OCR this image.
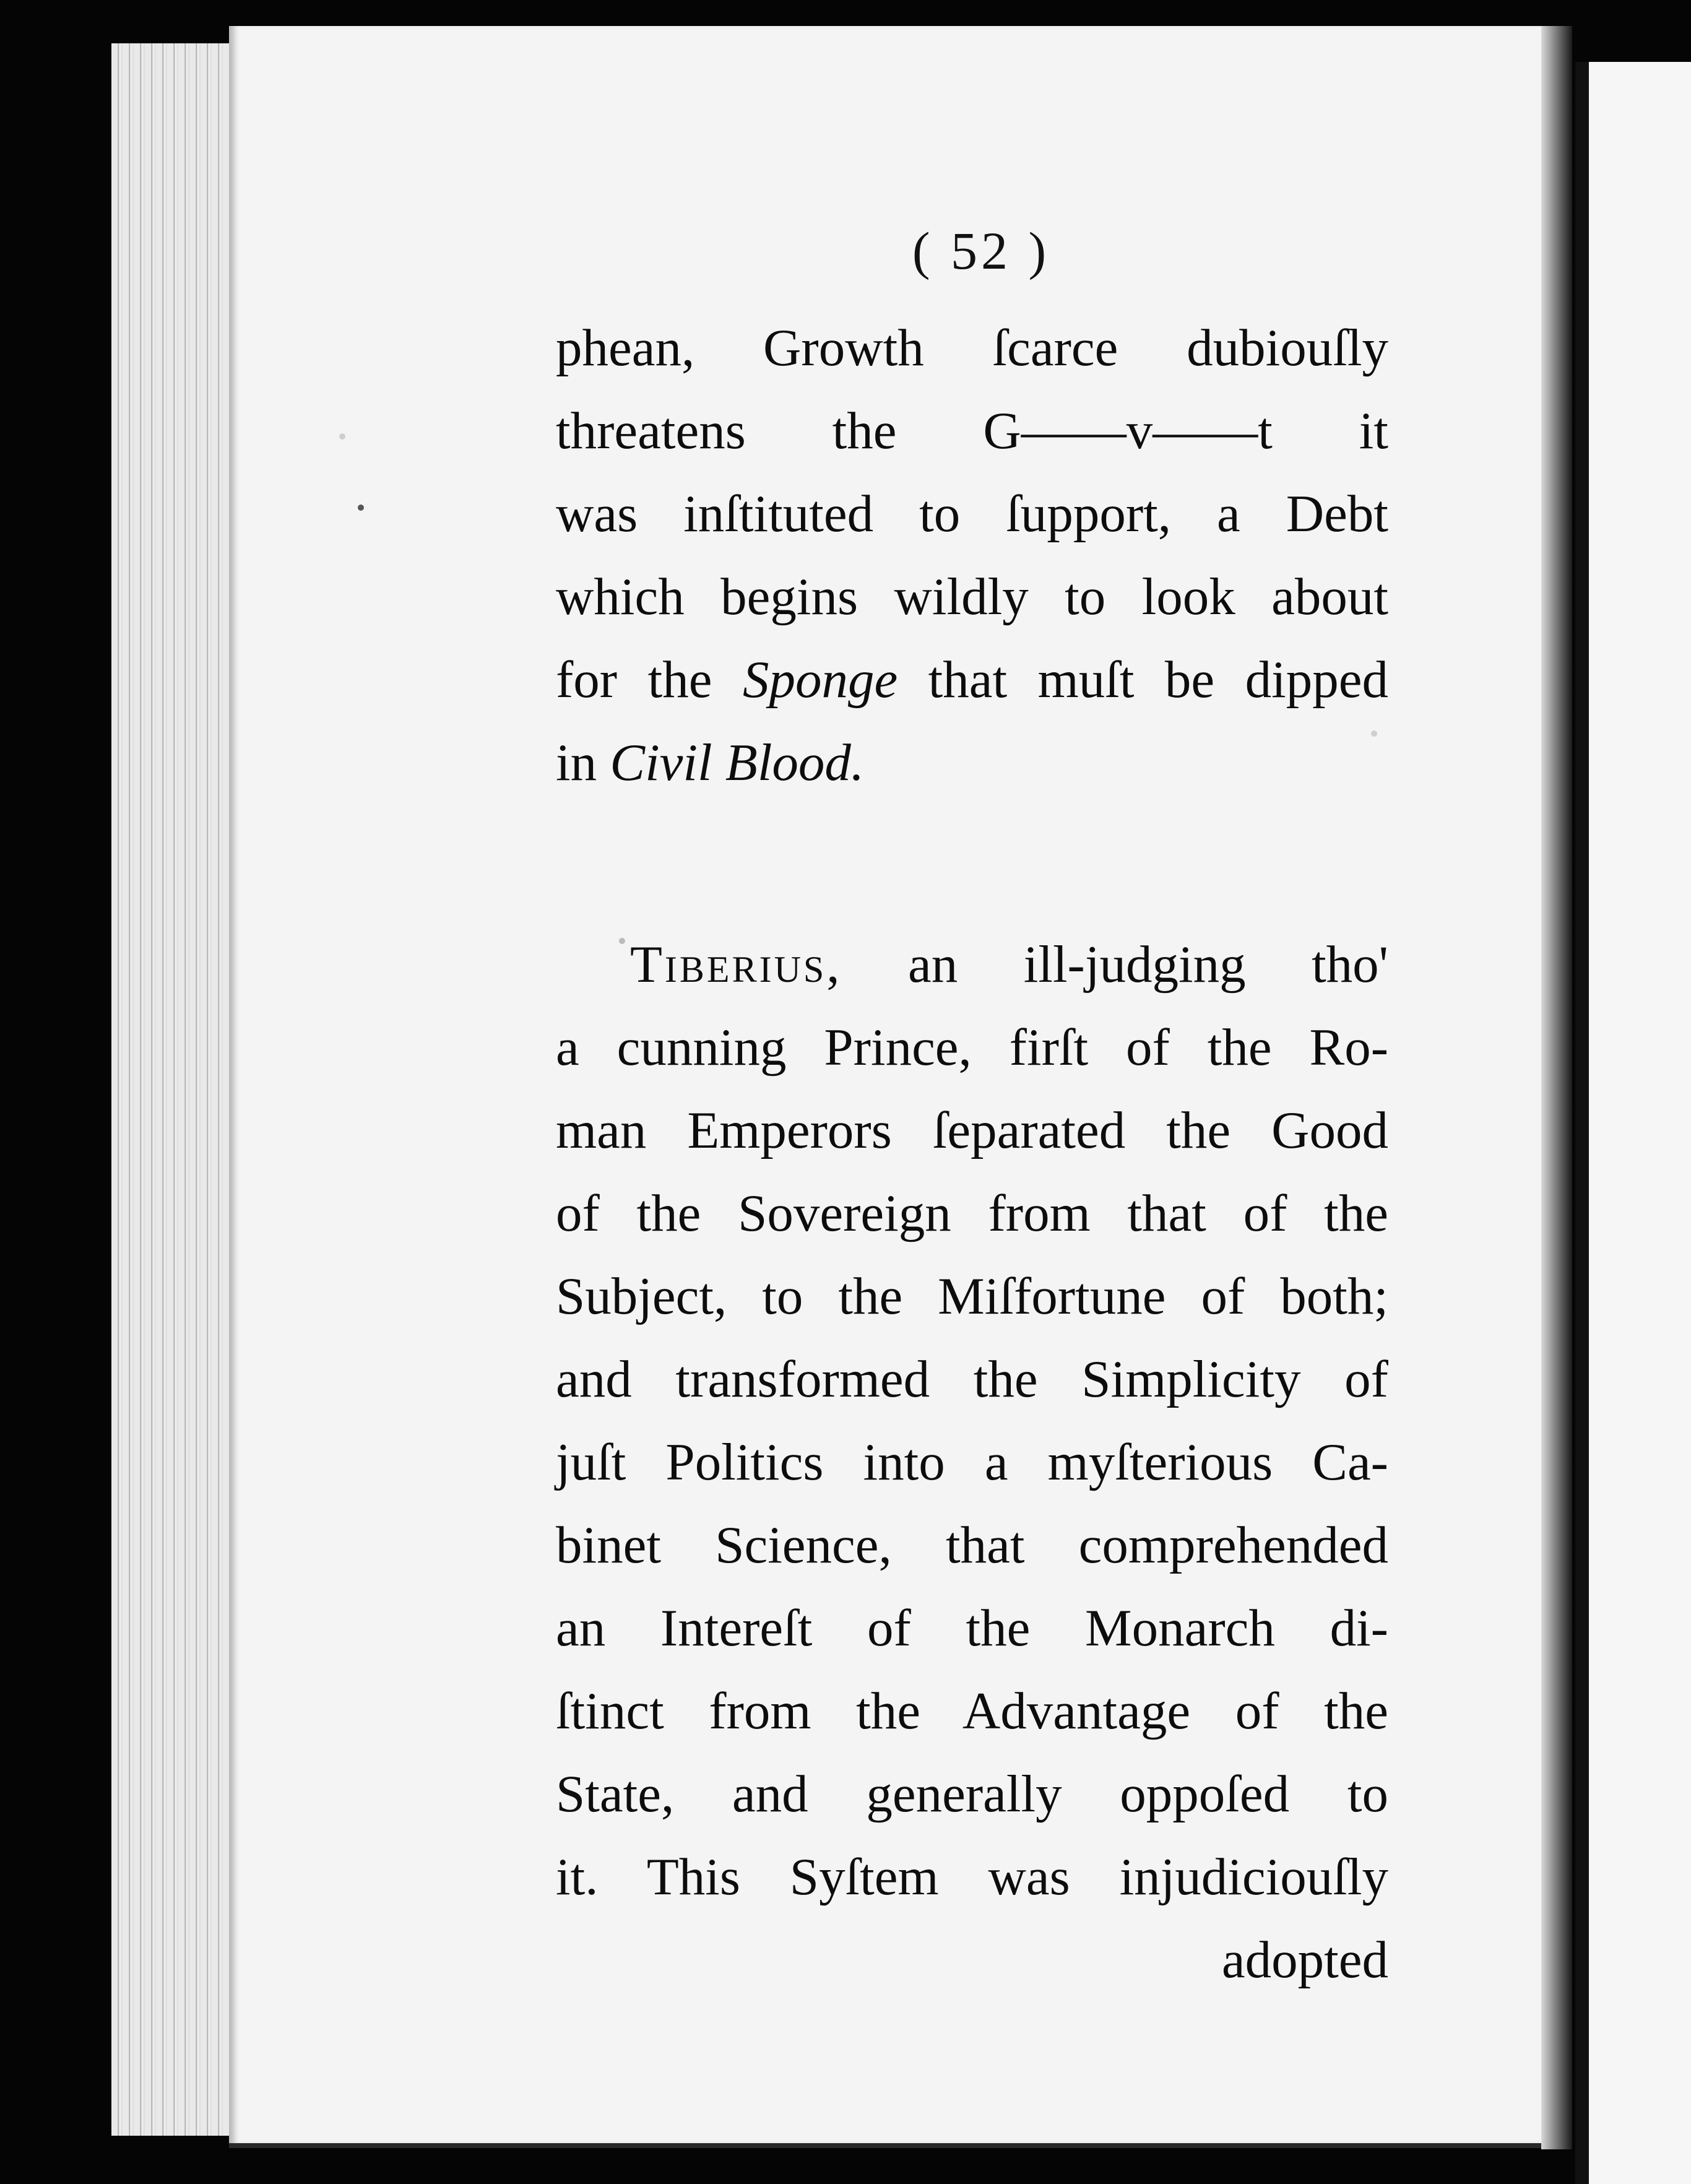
( 52 )
phean, Growth ſcarce dubiouſly
threatens the G——v——t it
was inſtituted to ſupport, a Debt
which begins wildly to look about
for the Sponge that muſt be dipped
in Civil Blood.
Tiberius, an ill-judging tho'
a cunning Prince, firſt of the Ro-
man Emperors ſeparated the Good
of the Sovereign from that of the
Subject, to the Miſfortune of both;
and transformed the Simplicity of
juſt Politics into a myſterious Ca-
binet Science, that comprehended
an Intereſt of the Monarch di-
ſtinct from the Advantage of the
State, and generally oppoſed to
it. This Syſtem was injudiciouſly
adopted
